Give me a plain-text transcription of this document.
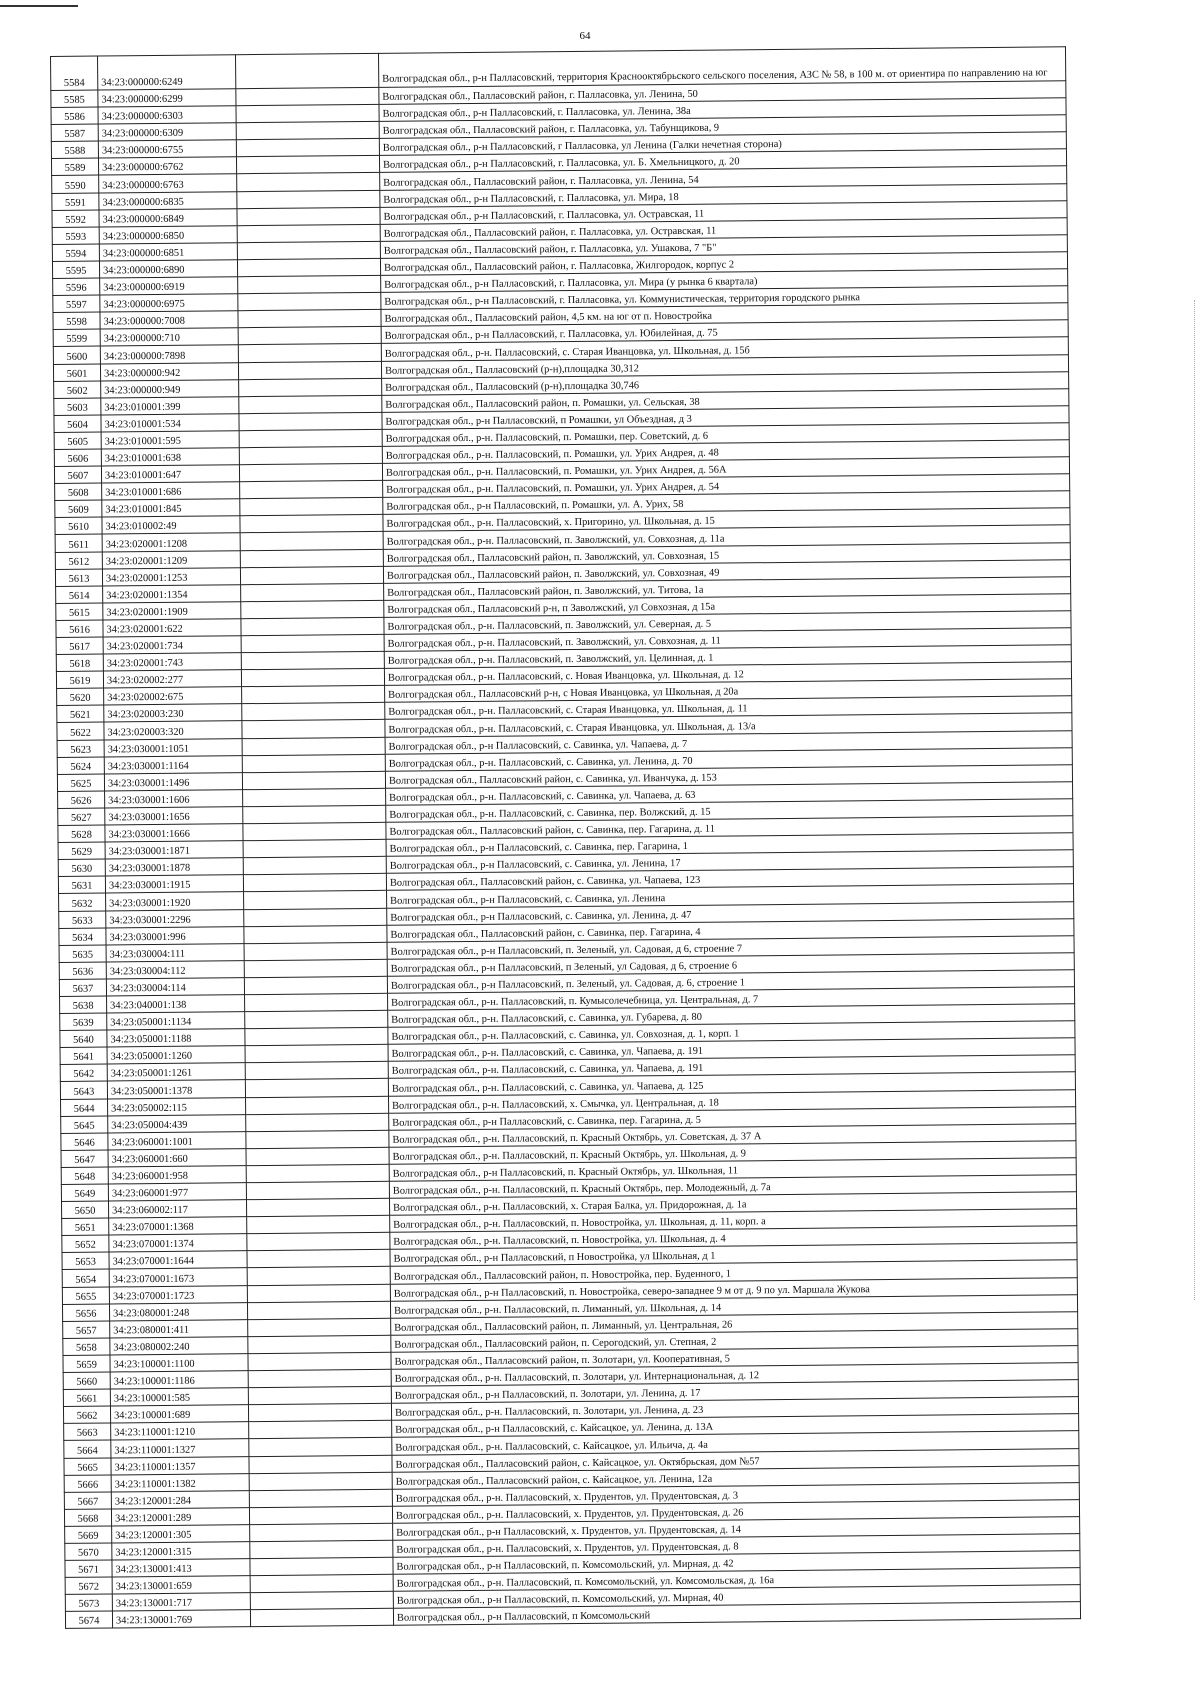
64
5584	34:23:000000:6249		Волгоградская обл., р-н Палласовский, территория Краснооктябрьского сельского поселения, АЗС № 58, в 100 м. от ориентира по направлению на юг
5585	34:23:000000:6299		Волгоградская обл., Палласовский район, г. Палласовка, ул. Ленина, 50
5586	34:23:000000:6303		Волгоградская обл., р-н Палласовский, г. Палласовка, ул. Ленина, 38а
5587	34:23:000000:6309		Волгоградская обл., Палласовский район, г. Палласовка, ул. Табунщикова, 9
5588	34:23:000000:6755		Волгоградская обл., р-н Палласовский, г Палласовка, ул Ленина (Галки нечетная сторона)
5589	34:23:000000:6762		Волгоградская обл., р-н Палласовский, г. Палласовка, ул. Б. Хмельницкого, д. 20
5590	34:23:000000:6763		Волгоградская обл., Палласовский район, г. Палласовка, ул. Ленина, 54
5591	34:23:000000:6835		Волгоградская обл., р-н Палласовский, г. Палласовка, ул. Мира, 18
5592	34:23:000000:6849		Волгоградская обл., р-н Палласовский, г. Палласовка, ул. Остравская, 11
5593	34:23:000000:6850		Волгоградская обл., Палласовский район, г. Палласовка, ул. Остравская, 11
5594	34:23:000000:6851		Волгоградская обл., Палласовский район, г. Палласовка, ул. Ушакова, 7 "Б"
5595	34:23:000000:6890		Волгоградская обл., Палласовский район, г. Палласовка, Жилгородок, корпус 2
5596	34:23:000000:6919		Волгоградская обл., р-н Палласовский, г. Палласовка, ул. Мира (у рынка 6 квартала)
5597	34:23:000000:6975		Волгоградская обл., р-н Палласовский, г. Палласовка, ул. Коммунистическая, территория городского рынка
5598	34:23:000000:7008		Волгоградская обл., Палласовский район, 4,5 км. на юг от п. Новостройка
5599	34:23:000000:710		Волгоградская обл., р-н Палласовский, г. Палласовка, ул. Юбилейная, д. 75
5600	34:23:000000:7898		Волгоградская обл., р-н. Палласовский, с. Старая Иванцовка, ул. Школьная, д. 15б
5601	34:23:000000:942		Волгоградская обл., Палласовский (р-н),площадка 30,312
5602	34:23:000000:949		Волгоградская обл., Палласовский (р-н),площадка 30,746
5603	34:23:010001:399		Волгоградская обл., Палласовский район, п. Ромашки, ул. Сельская, 38
5604	34:23:010001:534		Волгоградская обл., р-н Палласовский, п Ромашки, ул Объездная, д 3
5605	34:23:010001:595		Волгоградская обл., р-н. Палласовский, п. Ромашки, пер. Советский, д. 6
5606	34:23:010001:638		Волгоградская обл., р-н. Палласовский, п. Ромашки, ул. Урих Андрея, д. 48
5607	34:23:010001:647		Волгоградская обл., р-н. Палласовский, п. Ромашки, ул. Урих Андрея, д. 56А
5608	34:23:010001:686		Волгоградская обл., р-н. Палласовский, п. Ромашки, ул. Урих Андрея, д. 54
5609	34:23:010001:845		Волгоградская обл., р-н Палласовский, п. Ромашки, ул. А. Урих, 58
5610	34:23:010002:49		Волгоградская обл., р-н. Палласовский, х. Пригорино, ул. Школьная, д. 15
5611	34:23:020001:1208		Волгоградская обл., р-н. Палласовский, п. Заволжский, ул. Совхозная, д. 11а
5612	34:23:020001:1209		Волгоградская обл., Палласовский район, п. Заволжский, ул. Совхозная, 15
5613	34:23:020001:1253		Волгоградская обл., Палласовский район, п. Заволжский, ул. Совхозная, 49
5614	34:23:020001:1354		Волгоградская обл., Палласовский район, п. Заволжский, ул. Титова, 1а
5615	34:23:020001:1909		Волгоградская обл., Палласовский р-н, п Заволжский, ул Совхозная, д 15а
5616	34:23:020001:622		Волгоградская обл., р-н. Палласовский, п. Заволжский, ул. Северная, д. 5
5617	34:23:020001:734		Волгоградская обл., р-н. Палласовский, п. Заволжский, ул. Совхозная, д. 11
5618	34:23:020001:743		Волгоградская обл., р-н. Палласовский, п. Заволжский, ул. Целинная, д. 1
5619	34:23:020002:277		Волгоградская обл., р-н. Палласовский, с. Новая Иванцовка, ул. Школьная, д. 12
5620	34:23:020002:675		Волгоградская обл., Палласовский р-н, с Новая Иванцовка, ул Школьная, д 20а
5621	34:23:020003:230		Волгоградская обл., р-н. Палласовский, с. Старая Иванцовка, ул. Школьная, д. 11
5622	34:23:020003:320		Волгоградская обл., р-н. Палласовский, с. Старая Иванцовка, ул. Школьная, д. 13/а
5623	34:23:030001:1051		Волгоградская обл., р-н Палласовский, с. Савинка, ул. Чапаева, д. 7
5624	34:23:030001:1164		Волгоградская обл., р-н. Палласовский, с. Савинка, ул. Ленина, д. 70
5625	34:23:030001:1496		Волгоградская обл., Палласовский район, с. Савинка, ул. Иванчука, д. 153
5626	34:23:030001:1606		Волгоградская обл., р-н. Палласовский, с. Савинка, ул. Чапаева, д. 63
5627	34:23:030001:1656		Волгоградская обл., р-н. Палласовский, с. Савинка, пер. Волжский, д. 15
5628	34:23:030001:1666		Волгоградская обл., Палласовский район, с. Савинка, пер. Гагарина, д. 11
5629	34:23:030001:1871		Волгоградская обл., р-н Палласовский, с. Савинка, пер. Гагарина, 1
5630	34:23:030001:1878		Волгоградская обл., р-н Палласовский, с. Савинка, ул. Ленина, 17
5631	34:23:030001:1915		Волгоградская обл., Палласовский район, с. Савинка, ул. Чапаева, 123
5632	34:23:030001:1920		Волгоградская обл., р-н Палласовский, с. Савинка, ул. Ленина
5633	34:23:030001:2296		Волгоградская обл., р-н Палласовский, с. Савинка, ул. Ленина, д. 47
5634	34:23:030001:996		Волгоградская обл., Палласовский район, с. Савинка, пер. Гагарина, 4
5635	34:23:030004:111		Волгоградская обл., р-н Палласовский, п. Зеленый, ул. Садовая, д 6, строение 7
5636	34:23:030004:112		Волгоградская обл., р-н Палласовский, п Зеленый, ул Садовая, д 6, строение 6
5637	34:23:030004:114		Волгоградская обл., р-н Палласовский, п. Зеленый, ул. Садовая, д. 6, строение 1
5638	34:23:040001:138		Волгоградская обл., р-н. Палласовский, п. Кумысолечебница, ул. Центральная, д. 7
5639	34:23:050001:1134		Волгоградская обл., р-н. Палласовский, с. Савинка, ул. Губарева, д. 80
5640	34:23:050001:1188		Волгоградская обл., р-н. Палласовский, с. Савинка, ул. Совхозная, д. 1, корп. 1
5641	34:23:050001:1260		Волгоградская обл., р-н. Палласовский, с. Савинка, ул. Чапаева, д. 191
5642	34:23:050001:1261		Волгоградская обл., р-н. Палласовский, с. Савинка, ул. Чапаева, д. 191
5643	34:23:050001:1378		Волгоградская обл., р-н. Палласовский, с. Савинка, ул. Чапаева, д. 125
5644	34:23:050002:115		Волгоградская обл., р-н. Палласовский, х. Смычка, ул. Центральная, д. 18
5645	34:23:050004:439		Волгоградская обл., р-н Палласовский, с. Савинка, пер. Гагарина, д. 5
5646	34:23:060001:1001		Волгоградская обл., р-н. Палласовский, п. Красный Октябрь, ул. Советская, д. 37 А
5647	34:23:060001:660		Волгоградская обл., р-н. Палласовский, п. Красный Октябрь, ул. Школьная, д. 9
5648	34:23:060001:958		Волгоградская обл., р-н Палласовский, п. Красный Октябрь, ул. Школьная, 11
5649	34:23:060001:977		Волгоградская обл., р-н. Палласовский, п. Красный Октябрь, пер. Молодежный, д. 7а
5650	34:23:060002:117		Волгоградская обл., р-н. Палласовский, х. Старая Балка, ул. Придорожная, д. 1а
5651	34:23:070001:1368		Волгоградская обл., р-н. Палласовский, п. Новостройка, ул. Школьная, д. 11, корп. а
5652	34:23:070001:1374		Волгоградская обл., р-н. Палласовский, п. Новостройка, ул. Школьная, д. 4
5653	34:23:070001:1644		Волгоградская обл., р-н Палласовский, п Новостройка, ул Школьная, д 1
5654	34:23:070001:1673		Волгоградская обл., Палласовский район, п. Новостройка, пер. Буденного, 1
5655	34:23:070001:1723		Волгоградская обл., р-н Палласовский, п. Новостройка, северо-западнее 9 м от д. 9 по ул. Маршала Жукова
5656	34:23:080001:248		Волгоградская обл., р-н. Палласовский, п. Лиманный, ул. Школьная, д. 14
5657	34:23:080001:411		Волгоградская обл., Палласовский район, п. Лиманный, ул. Центральная, 26
5658	34:23:080002:240		Волгоградская обл., Палласовский район, п. Серогодский, ул. Степная, 2
5659	34:23:100001:1100		Волгоградская обл., Палласовский район, п. Золотари, ул. Кооперативная, 5
5660	34:23:100001:1186		Волгоградская обл., р-н. Палласовский, п. Золотари, ул. Интернациональная, д. 12
5661	34:23:100001:585		Волгоградская обл., р-н Палласовский, п. Золотари, ул. Ленина, д. 17
5662	34:23:100001:689		Волгоградская обл., р-н. Палласовский, п. Золотари, ул. Ленина, д. 23
5663	34:23:110001:1210		Волгоградская обл., р-н Палласовский, с. Кайсацкое, ул. Ленина, д. 13А
5664	34:23:110001:1327		Волгоградская обл., р-н. Палласовский, с. Кайсацкое, ул. Ильича, д. 4а
5665	34:23:110001:1357		Волгоградская обл., Палласовский район, с. Кайсацкое, ул. Октябрьская, дом №57
5666	34:23:110001:1382		Волгоградская обл., Палласовский район, с. Кайсацкое, ул. Ленина, 12а
5667	34:23:120001:284		Волгоградская обл., р-н. Палласовский, х. Прудентов, ул. Прудентовская, д. 3
5668	34:23:120001:289		Волгоградская обл., р-н. Палласовский, х. Прудентов, ул. Прудентовская, д. 26
5669	34:23:120001:305		Волгоградская обл., р-н Палласовский, х. Прудентов, ул. Прудентовская, д. 14
5670	34:23:120001:315		Волгоградская обл., р-н. Палласовский, х. Прудентов, ул. Прудентовская, д. 8
5671	34:23:130001:413		Волгоградская обл., р-н Палласовский, п. Комсомольский, ул. Мирная, д. 42
5672	34:23:130001:659		Волгоградская обл., р-н. Палласовский, п. Комсомольский, ул. Комсомольская, д. 16а
5673	34:23:130001:717		Волгоградская обл., р-н Палласовский, п. Комсомольский, ул. Мирная, 40
5674	34:23:130001:769		Волгоградская обл., р-н Палласовский, п Комсомольский
